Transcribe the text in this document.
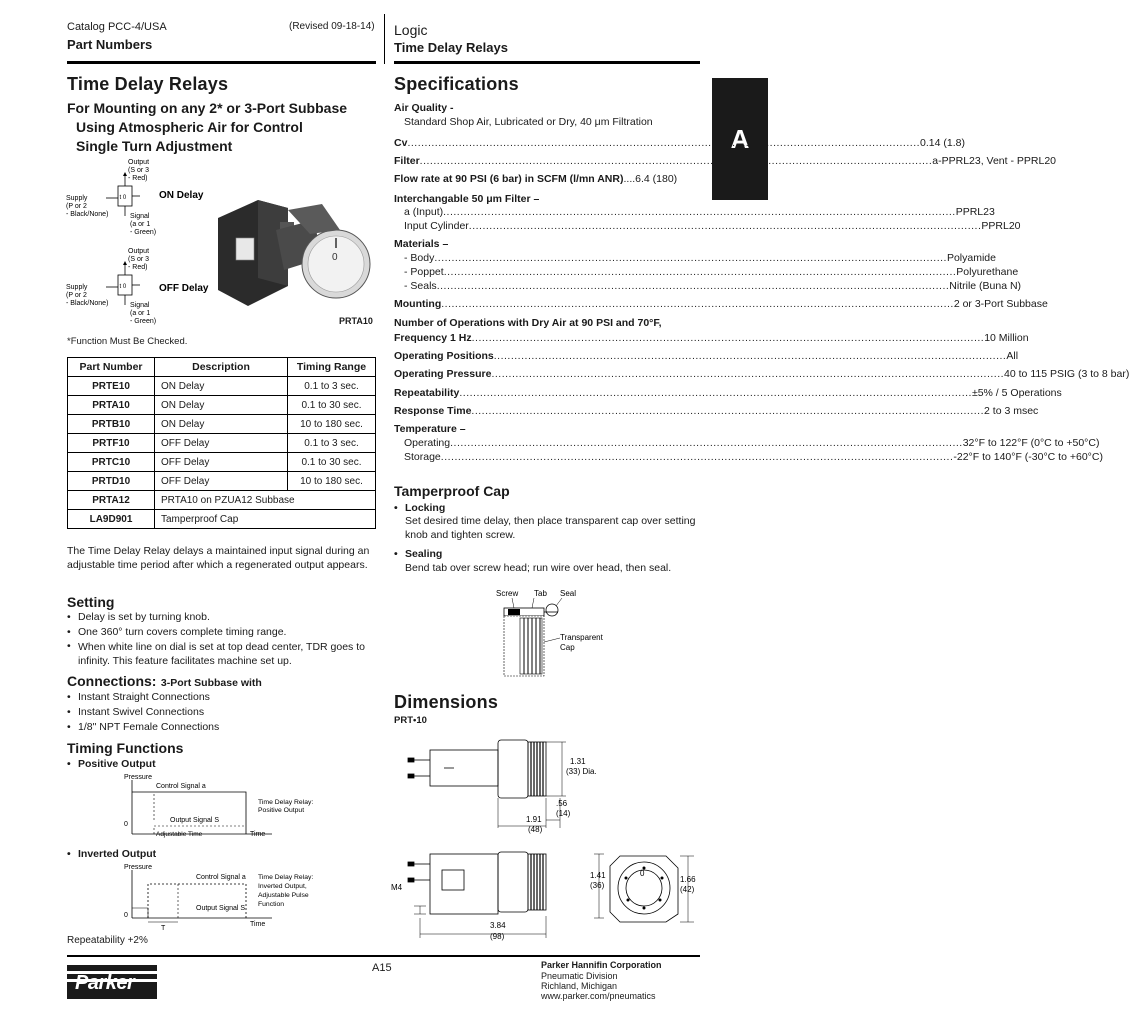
Catalog PCC-4/USA	(Revised 09-18-14)
Part Numbers
Logic
Time Delay Relays
A
Time Delay Relays
For Mounting on any 2* or 3-Port Subbase
Using Atmospheric Air for Control
Single Turn Adjustment
t 0
Output
(S or 3
- Red)
Supply
(P or 2
- Black/None)	Signal
(a or 1
- Green)
ON Delay
t 0
Output
(S or 3
- Red)
Supply
(P or 2
- Black/None)	Signal
(a or 1
- Green)
OFF Delay
0
PRTA10
*Function Must Be Checked.
Part Number	Description	Timing Range
PRTE10	ON Delay	0.1 to 3 sec.
PRTA10	ON Delay	0.1 to 30 sec.
PRTB10	ON Delay	10 to 180 sec.
PRTF10	OFF Delay	0.1 to 3 sec.
PRTC10	OFF Delay	0.1 to 30 sec.
PRTD10	OFF Delay	10 to 180 sec.
PRTA12	PRTA10 on PZUA12 Subbase	
LA9D901	Tamperproof Cap	
The Time Delay Relay delays a maintained input signal during an adjustable time period after which a regenerated output appears.
Setting
• Delay is set by turning knob.
• One 360° turn covers complete timing range.
• When white line on dial is set at top dead center, TDR goes to infinity. This feature facilitates machine set up.
Connections: 3-Port Subbase with
• Instant Straight Connections
• Instant Swivel Connections
• 1/8" NPT Female Connections
Timing Functions
• Positive Output
Pressure
Control Signal a
Output Signal S
Adjustable Time	Time
0
Time Delay Relay:
Positive Output
• Inverted Output
Pressure
Control Signal a
Output Signal S
T
Time
0
Time Delay Relay:
Inverted Output,
Adjustable Pulse
Function
Repeatability +2%
Specifications
Air Quality -
Standard Shop Air, Lubricated or Dry, 40 μm Filtration
Cv .....	0.14 (1.8)
Filter .....	a-PPRL23, Vent - PPRL20
Flow rate at 90 PSI (6 bar) in SCFM (l/mn ANR) ....6.4 (180)
Interchangable 50 μm Filter –
a (Input) .....	PPRL23
Input Cylinder .....	PPRL20
Materials –
- Body .....	Polyamide
- Poppet .....	Polyurethane
- Seals .....	Nitrile (Buna N)
Mounting .....	2 or 3-Port Subbase
Number of Operations with Dry Air at 90 PSI and 70°F,
Frequency 1 Hz .....	10 Million
Operating Positions .....	All
Operating Pressure .....	40 to 115 PSIG (3 to 8 bar)
Repeatability .....	±5% / 5 Operations
Response Time .....	2 to 3 msec
Temperature –
Operating .....	32°F to 122°F (0°C to +50°C)
Storage .....	-22°F to 140°F (-30°C to +60°C)
Tamperproof Cap
• Locking
Set desired time delay, then place transparent cap over setting knob and tighten screw.
• Sealing
Bend tab over screw head; run wire over head, then seal.
Screw Tab Seal
Transparent
Cap
Dimensions
PRT•10
1.31
(33) Dia.
.56
(14)
1.91
(48)
M4
3.84
(98)
1.41
(36)
0
1.66
(42)
Parker
A15	Parker Hannifin Corporation
Pneumatic Division
Richland, Michigan
www.parker.com/pneumatics
